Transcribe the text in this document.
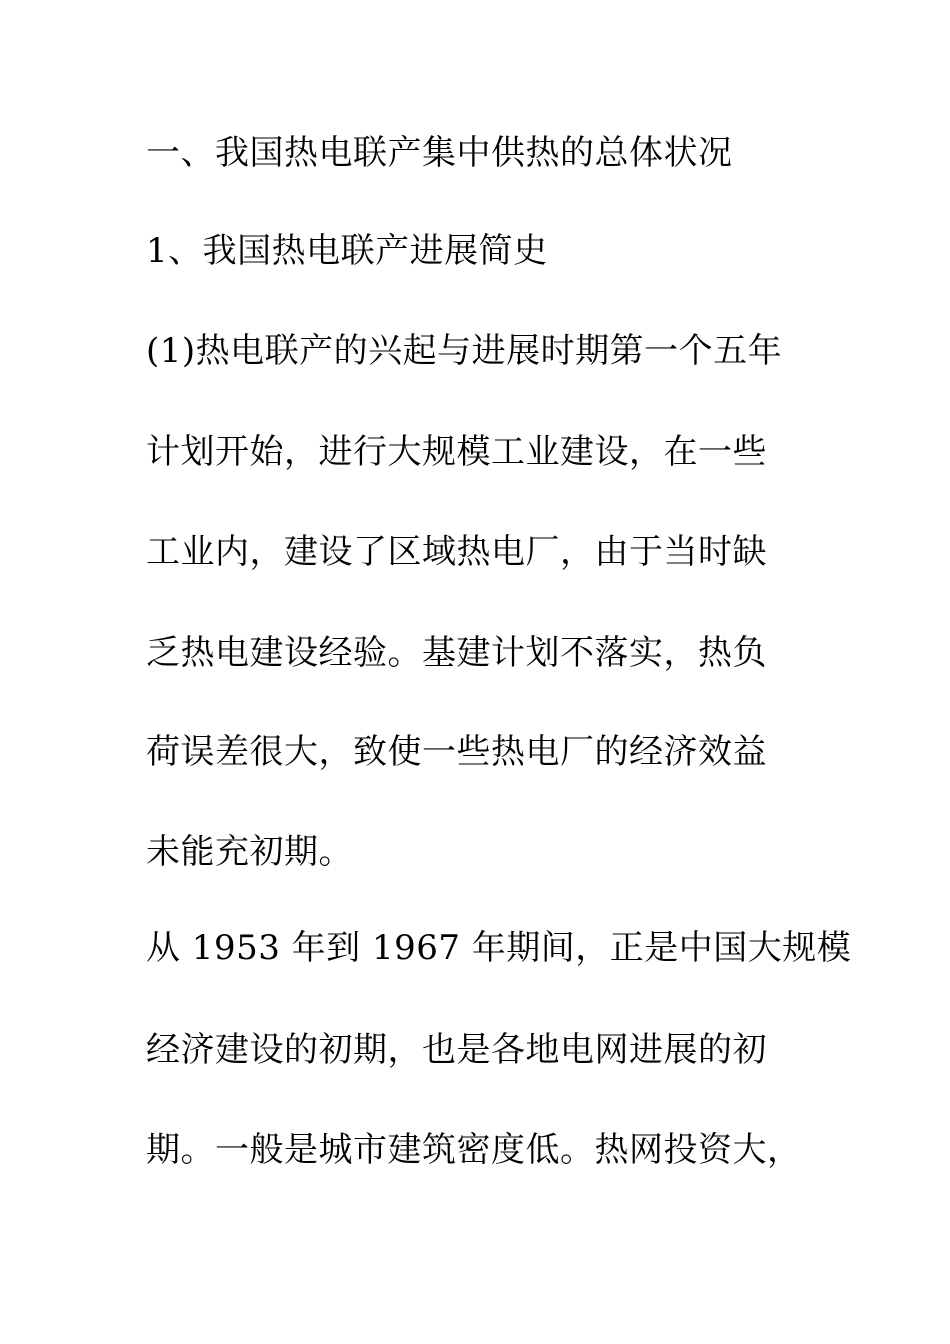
一、我国热电联产集中供热的总体状况
1、我国热电联产进展简史
(1)热电联产的兴起与进展时期第一个五年
计划开始，进行大规模工业建设，在一些
工业内，建设了区域热电厂，由于当时缺
乏热电建设经验。基建计划不落实，热负
荷误差很大，致使一些热电厂的经济效益
未能充初期。
从 1953 年到 1967 年期间，正是中国大规模
经济建设的初期，也是各地电网进展的初
期。一般是城市建筑密度低。热网投资大，
